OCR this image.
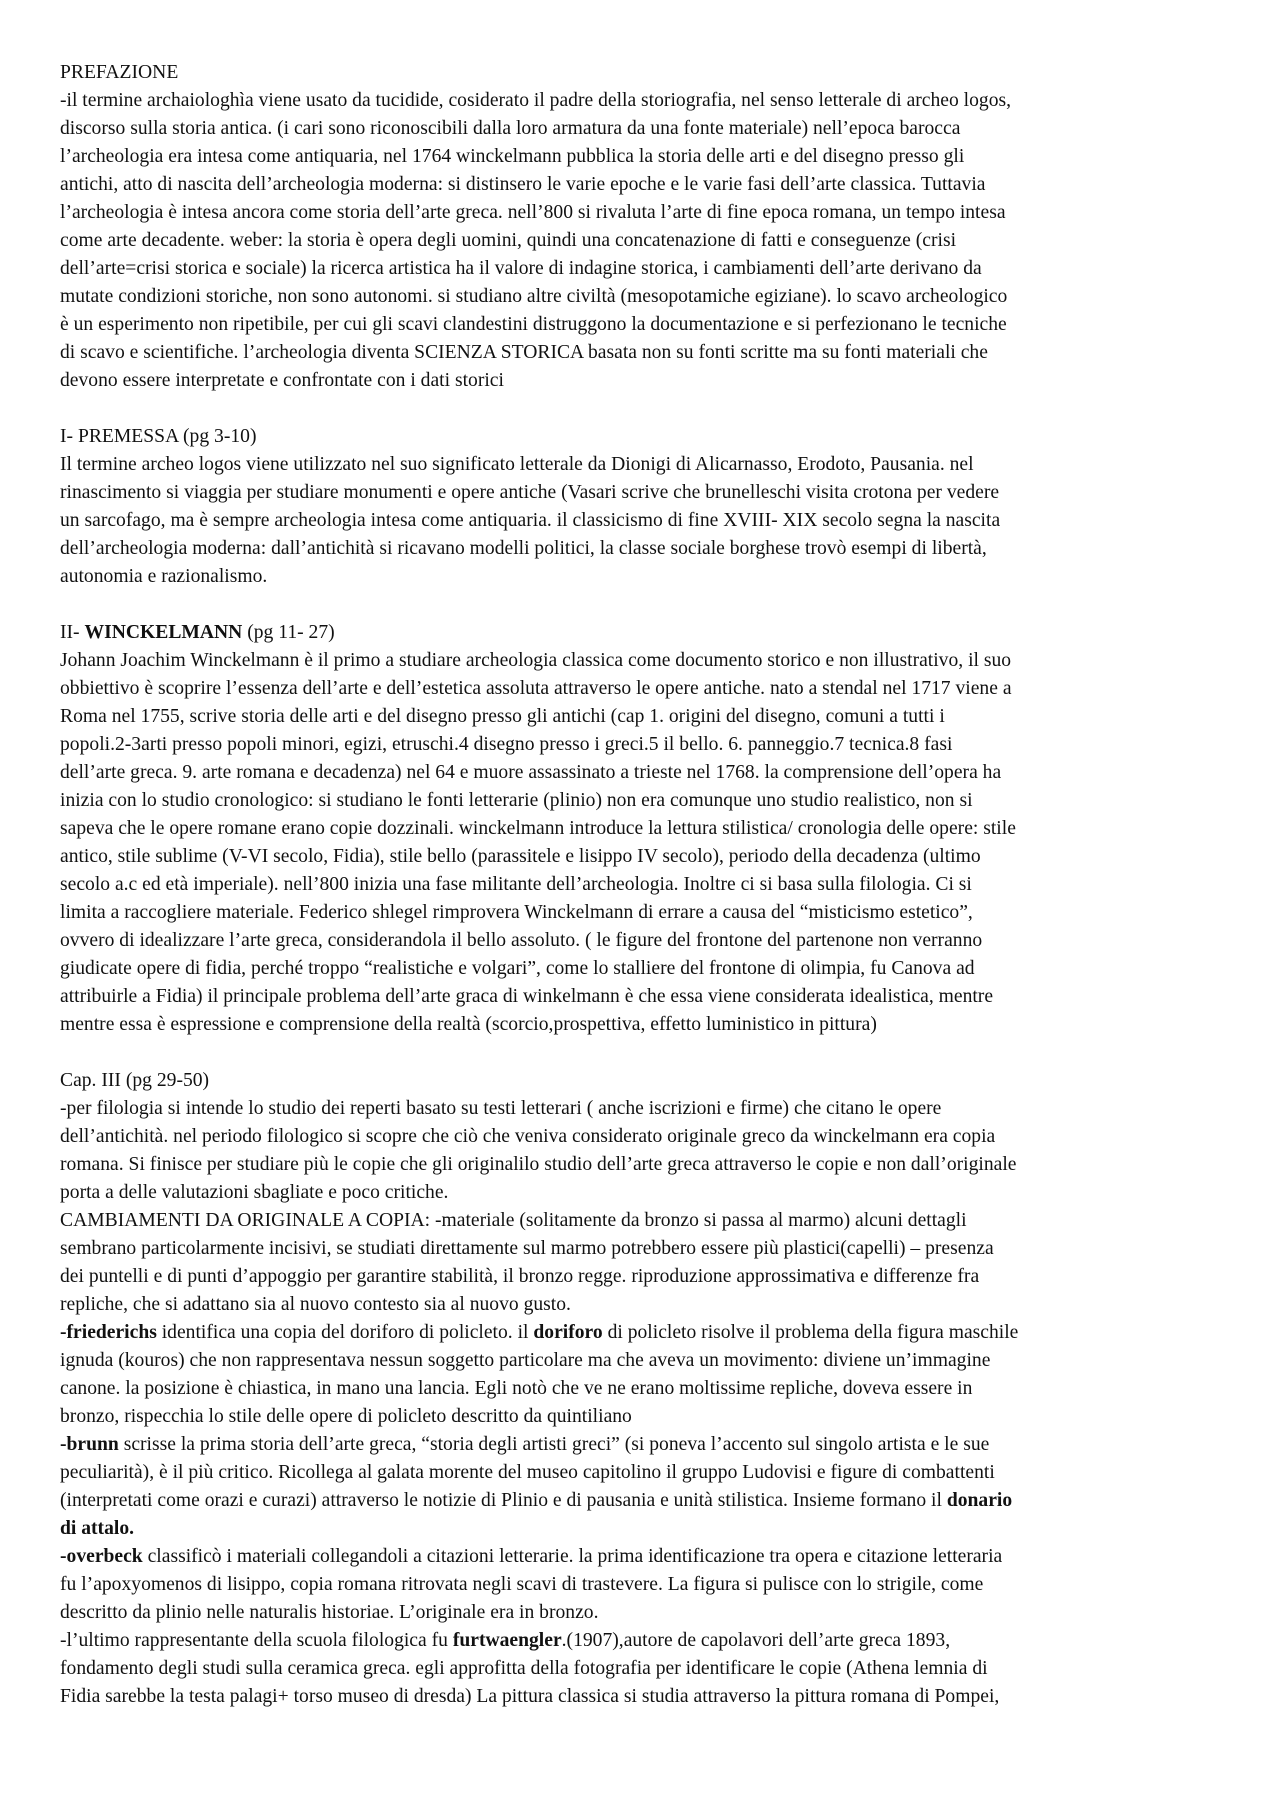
PREFAZIONE
-il termine archaiologhìa viene usato da tucidide, cosiderato il padre della storiografia, nel senso letterale di archeo logos,
discorso sulla storia antica. (i cari sono riconoscibili dalla loro armatura da una fonte materiale) nell’epoca barocca
l’archeologia era intesa come antiquaria, nel 1764 winckelmann pubblica la storia delle arti e del disegno presso gli
antichi, atto di nascita dell’archeologia moderna: si distinsero le varie epoche e le varie fasi dell’arte classica. Tuttavia
l’archeologia è intesa ancora come storia dell’arte greca. nell’800 si rivaluta l’arte di fine epoca romana, un tempo intesa
come arte decadente. weber: la storia è opera degli uomini, quindi una concatenazione di fatti e conseguenze (crisi
dell’arte=crisi storica e sociale) la ricerca artistica ha il valore di indagine storica, i cambiamenti dell’arte derivano da
mutate condizioni storiche, non sono autonomi. si studiano altre civiltà (mesopotamiche egiziane). lo scavo archeologico
è un esperimento non ripetibile, per cui gli scavi clandestini distruggono la documentazione e si perfezionano le tecniche
di scavo e scientifiche. l’archeologia diventa SCIENZA STORICA basata non su fonti scritte ma su fonti materiali che
devono essere interpretate e confrontate con i dati storici
I- PREMESSA (pg 3-10)
Il termine archeo logos viene utilizzato nel suo significato letterale da Dionigi di Alicarnasso, Erodoto, Pausania. nel
rinascimento si viaggia per studiare monumenti e opere antiche (Vasari scrive che brunelleschi visita crotona per vedere
un sarcofago, ma è sempre archeologia intesa come antiquaria. il classicismo di fine XVIII- XIX secolo segna la nascita
dell’archeologia moderna: dall’antichità si ricavano modelli politici, la classe sociale borghese trovò esempi di libertà,
autonomia e razionalismo.
II- WINCKELMANN (pg 11- 27)
Johann Joachim Winckelmann è il primo a studiare archeologia classica come documento storico e non illustrativo, il suo
obbiettivo è scoprire l’essenza dell’arte e dell’estetica assoluta attraverso le opere antiche. nato a stendal nel 1717 viene a
Roma nel 1755, scrive storia delle arti e del disegno presso gli antichi (cap 1. origini del disegno, comuni a tutti i
popoli.2-3arti presso popoli minori, egizi, etruschi.4 disegno presso i greci.5 il bello. 6. panneggio.7 tecnica.8 fasi
dell’arte greca. 9. arte romana e decadenza) nel 64 e muore assassinato a trieste nel 1768. la comprensione dell’opera ha
inizia con lo studio cronologico: si studiano le fonti letterarie (plinio) non era comunque uno studio realistico, non si
sapeva che le opere romane erano copie dozzinali. winckelmann introduce la lettura stilistica/ cronologia delle opere: stile
antico, stile sublime (V-VI secolo, Fidia), stile bello (parassitele e lisippo IV secolo), periodo della decadenza (ultimo
secolo a.c ed età imperiale). nell’800 inizia una fase militante dell’archeologia. Inoltre ci si basa sulla filologia. Ci si
limita a raccogliere materiale. Federico shlegel rimprovera Winckelmann di errare a causa del “misticismo estetico”,
ovvero di idealizzare l’arte greca, considerandola il bello assoluto. ( le figure del frontone del partenone non verranno
giudicate opere di fidia, perché troppo “realistiche e volgari”, come lo stalliere del frontone di olimpia, fu Canova ad
attribuirle a Fidia) il principale problema dell’arte graca di winkelmann è che essa viene considerata idealistica, mentre
mentre essa è espressione e comprensione della realtà (scorcio,prospettiva, effetto luministico in pittura)
Cap. III (pg 29-50)
-per filologia si intende lo studio dei reperti basato su testi letterari ( anche iscrizioni e firme) che citano le opere
dell’antichità. nel periodo filologico si scopre che ciò che veniva considerato originale greco da winckelmann era copia
romana. Si finisce per studiare più le copie che gli originalilo studio dell’arte greca attraverso le copie e non dall’originale
porta a delle valutazioni sbagliate e poco critiche.
CAMBIAMENTI DA ORIGINALE A COPIA: -materiale (solitamente da bronzo si passa al marmo) alcuni dettagli
sembrano particolarmente incisivi, se studiati direttamente sul marmo potrebbero essere più plastici(capelli) – presenza
dei puntelli e di punti d’appoggio per garantire stabilità, il bronzo regge. riproduzione approssimativa e differenze fra
repliche, che si adattano sia al nuovo contesto sia al nuovo gusto.
-friederichs identifica una copia del doriforo di policleto. il doriforo di policleto risolve il problema della figura maschile
ignuda (kouros) che non rappresentava nessun soggetto particolare ma che aveva un movimento: diviene un’immagine
canone. la posizione è chiastica, in mano una lancia. Egli notò che ve ne erano moltissime repliche, doveva essere in
bronzo, rispecchia lo stile delle opere di policleto descritto da quintiliano
-brunn scrisse la prima storia dell’arte greca, “storia degli artisti greci” (si poneva l’accento sul singolo artista e le sue
peculiarità), è il più critico. Ricollega al galata morente del museo capitolino il gruppo Ludovisi e figure di combattenti
(interpretati come orazi e curazi) attraverso le notizie di Plinio e di pausania e unità stilistica. Insieme formano il donario
di attalo.
-overbeck classificò i materiali collegandoli a citazioni letterarie. la prima identificazione tra opera e citazione letteraria
fu l’apoxyomenos di lisippo, copia romana ritrovata negli scavi di trastevere. La figura si pulisce con lo strigile, come
descritto da plinio nelle naturalis historiae. L’originale era in bronzo.
-l’ultimo rappresentante della scuola filologica fu furtwaengler.(1907),autore de capolavori dell’arte greca 1893,
fondamento degli studi sulla ceramica greca. egli approfitta della fotografia per identificare le copie (Athena lemnia di
Fidia sarebbe la testa palagi+ torso museo di dresda) La pittura classica si studia attraverso la pittura romana di Pompei,
